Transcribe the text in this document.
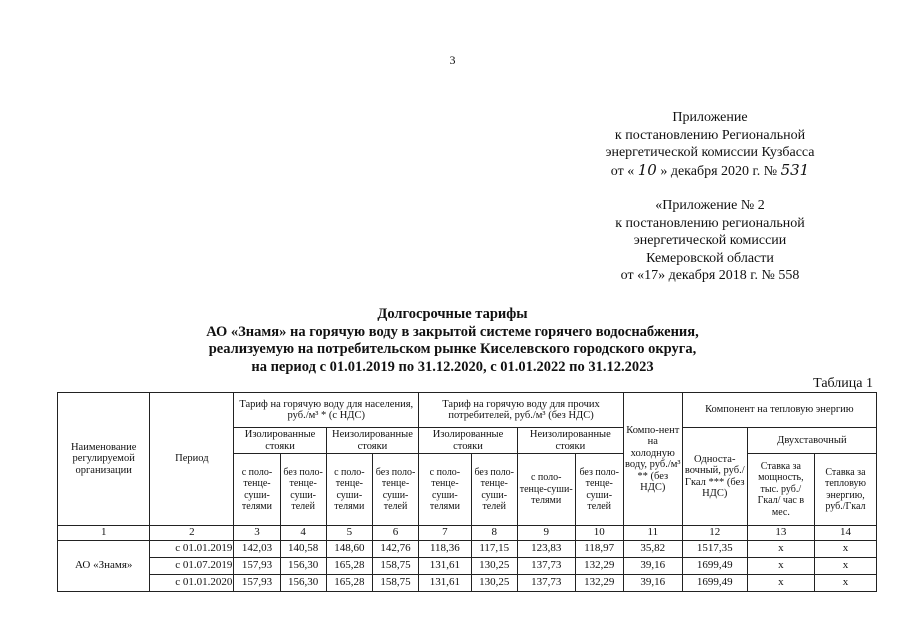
3
Приложение
к постановлению Региональной
энергетической комиссии Кузбасса
от « 10 » декабря 2020 г. № 531
«Приложение № 2
к постановлению региональной
энергетической комиссии
Кемеровской области
от «17» декабря 2018 г. № 558
Долгосрочные тарифы
АО «Знамя» на горячую воду в закрытой системе горячего водоснабжения,
реализуемую на потребительском рынке Киселевского городского округа,
на период с 01.01.2019 по 31.12.2020, с 01.01.2022 по 31.12.2023
Таблица 1
Наименование регулируемой организации	Период	Тариф на горячую воду для населения, руб./м³ * (с НДС)				Тариф на горячую воду для прочих потребителей, руб./м³ (без НДС)				Компо-нент на холодную воду, руб./м³ ** (без НДС)	Компонент на тепловую энергию		
		Изолированные стояки		Неизолированные стояки		Изолированные стояки		Неизолированные стояки			Односта-вочный, руб./Гкал *** (без НДС)	Двухставочный	
		с поло-тенце-суши-телями	без поло-тенце-суши-телей	с поло-тенце-суши-телями	без поло-тенце-суши-телей	с поло-тенце-суши-телями	без поло-тенце-суши-телей	с поло-тенце-суши-телями	без поло-тенце-суши-телей			Ставка за мощность, тыс. руб./ Гкал/ час в мес.	Ставка за тепловую энергию, руб./Гкал

1	2	3	4	5	6	7	8	9	10	11	12	13	14
АО «Знамя»	с 01.01.2019	142,03	140,58	148,60	142,76	118,36	117,15	123,83	118,97	35,82	1517,35	x	x
	с 01.07.2019	157,93	156,30	165,28	158,75	131,61	130,25	137,73	132,29	39,16	1699,49	x	x
	с 01.01.2020	157,93	156,30	165,28	158,75	131,61	130,25	137,73	132,29	39,16	1699,49	x	x
